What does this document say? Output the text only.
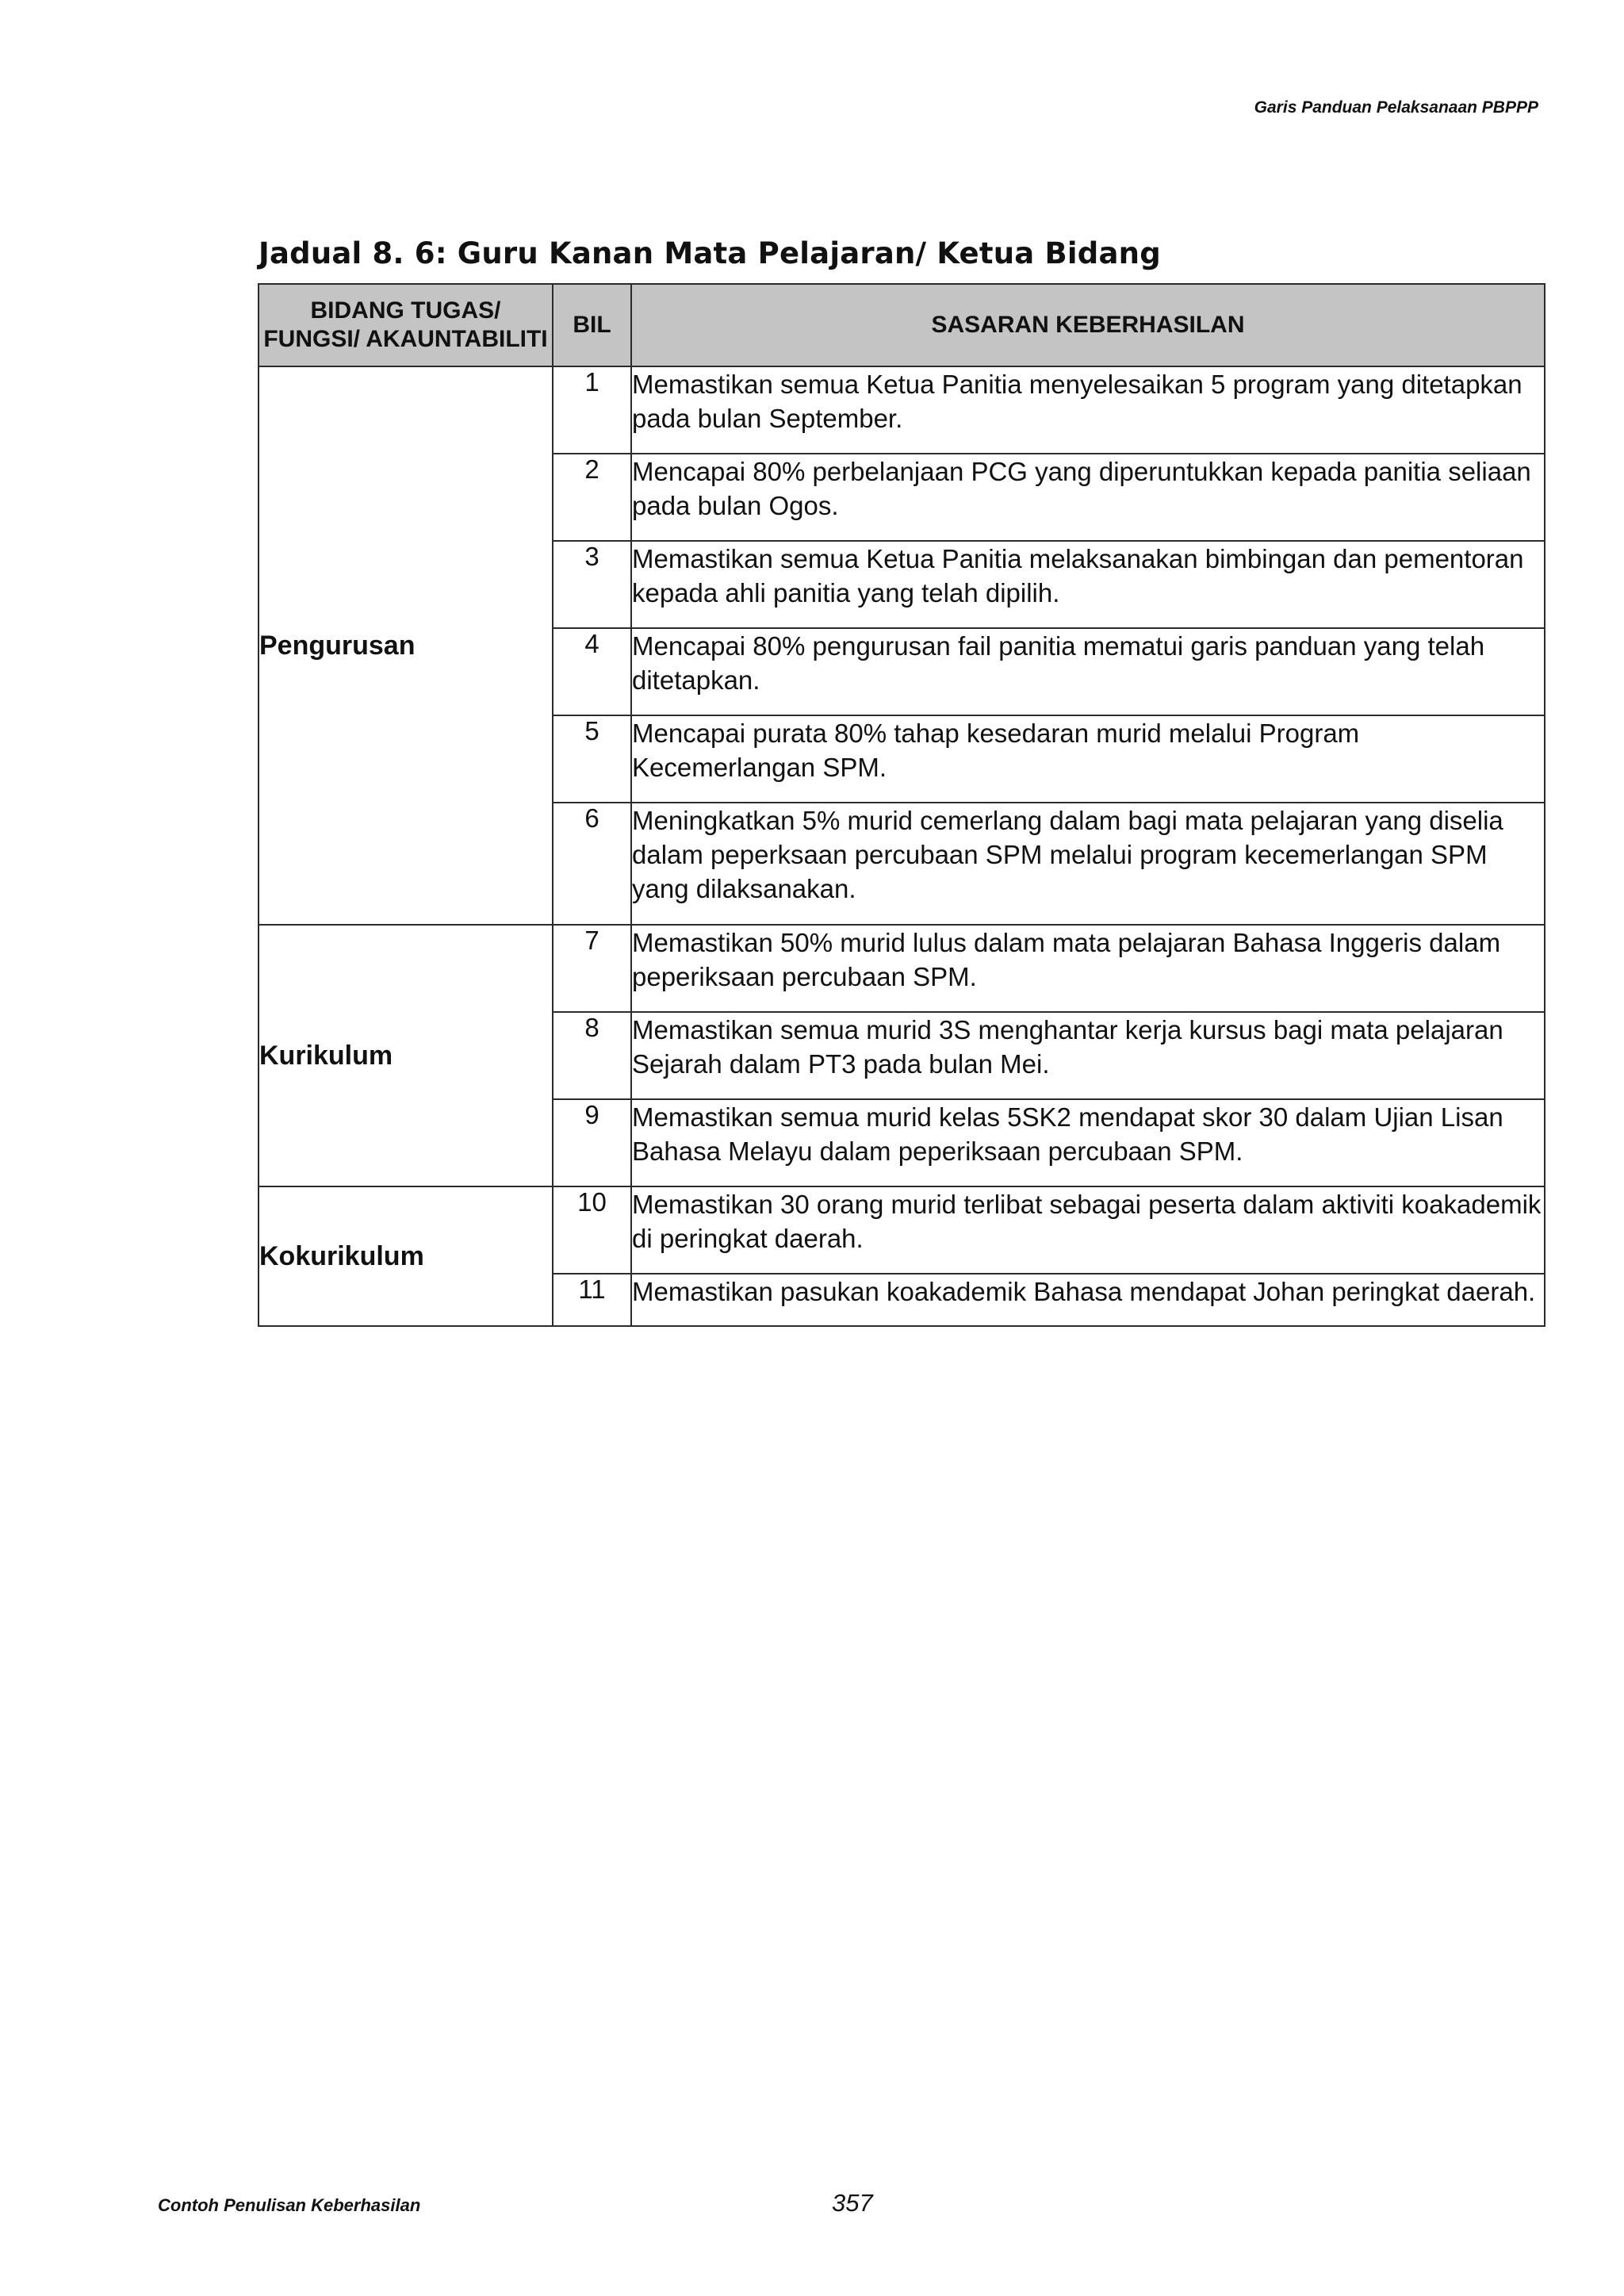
Garis Panduan Pelaksanaan PBPPP
Jadual 8. 6: Guru Kanan Mata Pelajaran/ Ketua Bidang
BIDANG TUGAS/
FUNGSI/ AKAUNTABILITI	BIL	SASARAN KEBERHASILAN
Pengurusan	1	Memastikan semua Ketua Panitia menyelesaikan 5 program yang ditetapkan pada bulan September.
	2	Mencapai 80% perbelanjaan PCG yang diperuntukkan kepada panitia seliaan pada bulan Ogos.
	3	Memastikan semua Ketua Panitia melaksanakan bimbingan dan pementoran kepada ahli panitia yang telah dipilih.
	4	Mencapai 80% pengurusan fail panitia mematui garis panduan yang telah ditetapkan.
	5	Mencapai purata 80% tahap kesedaran murid melalui Program Kecemerlangan SPM.
	6	Meningkatkan 5% murid cemerlang dalam bagi mata pelajaran yang diselia dalam peperksaan percubaan SPM melalui program kecemerlangan SPM yang dilaksanakan.
Kurikulum	7	Memastikan 50% murid lulus dalam mata pelajaran Bahasa Inggeris dalam peperiksaan percubaan SPM.
	8	Memastikan semua murid 3S menghantar kerja kursus bagi mata pelajaran Sejarah dalam PT3 pada bulan Mei.
	9	Memastikan semua murid kelas 5SK2 mendapat skor 30 dalam Ujian Lisan Bahasa Melayu dalam peperiksaan percubaan SPM.
Kokurikulum	10	Memastikan 30 orang murid terlibat sebagai peserta dalam aktiviti koakademik di peringkat daerah.
	11	Memastikan pasukan koakademik Bahasa mendapat Johan peringkat daerah.
Contoh Penulisan Keberhasilan	357
